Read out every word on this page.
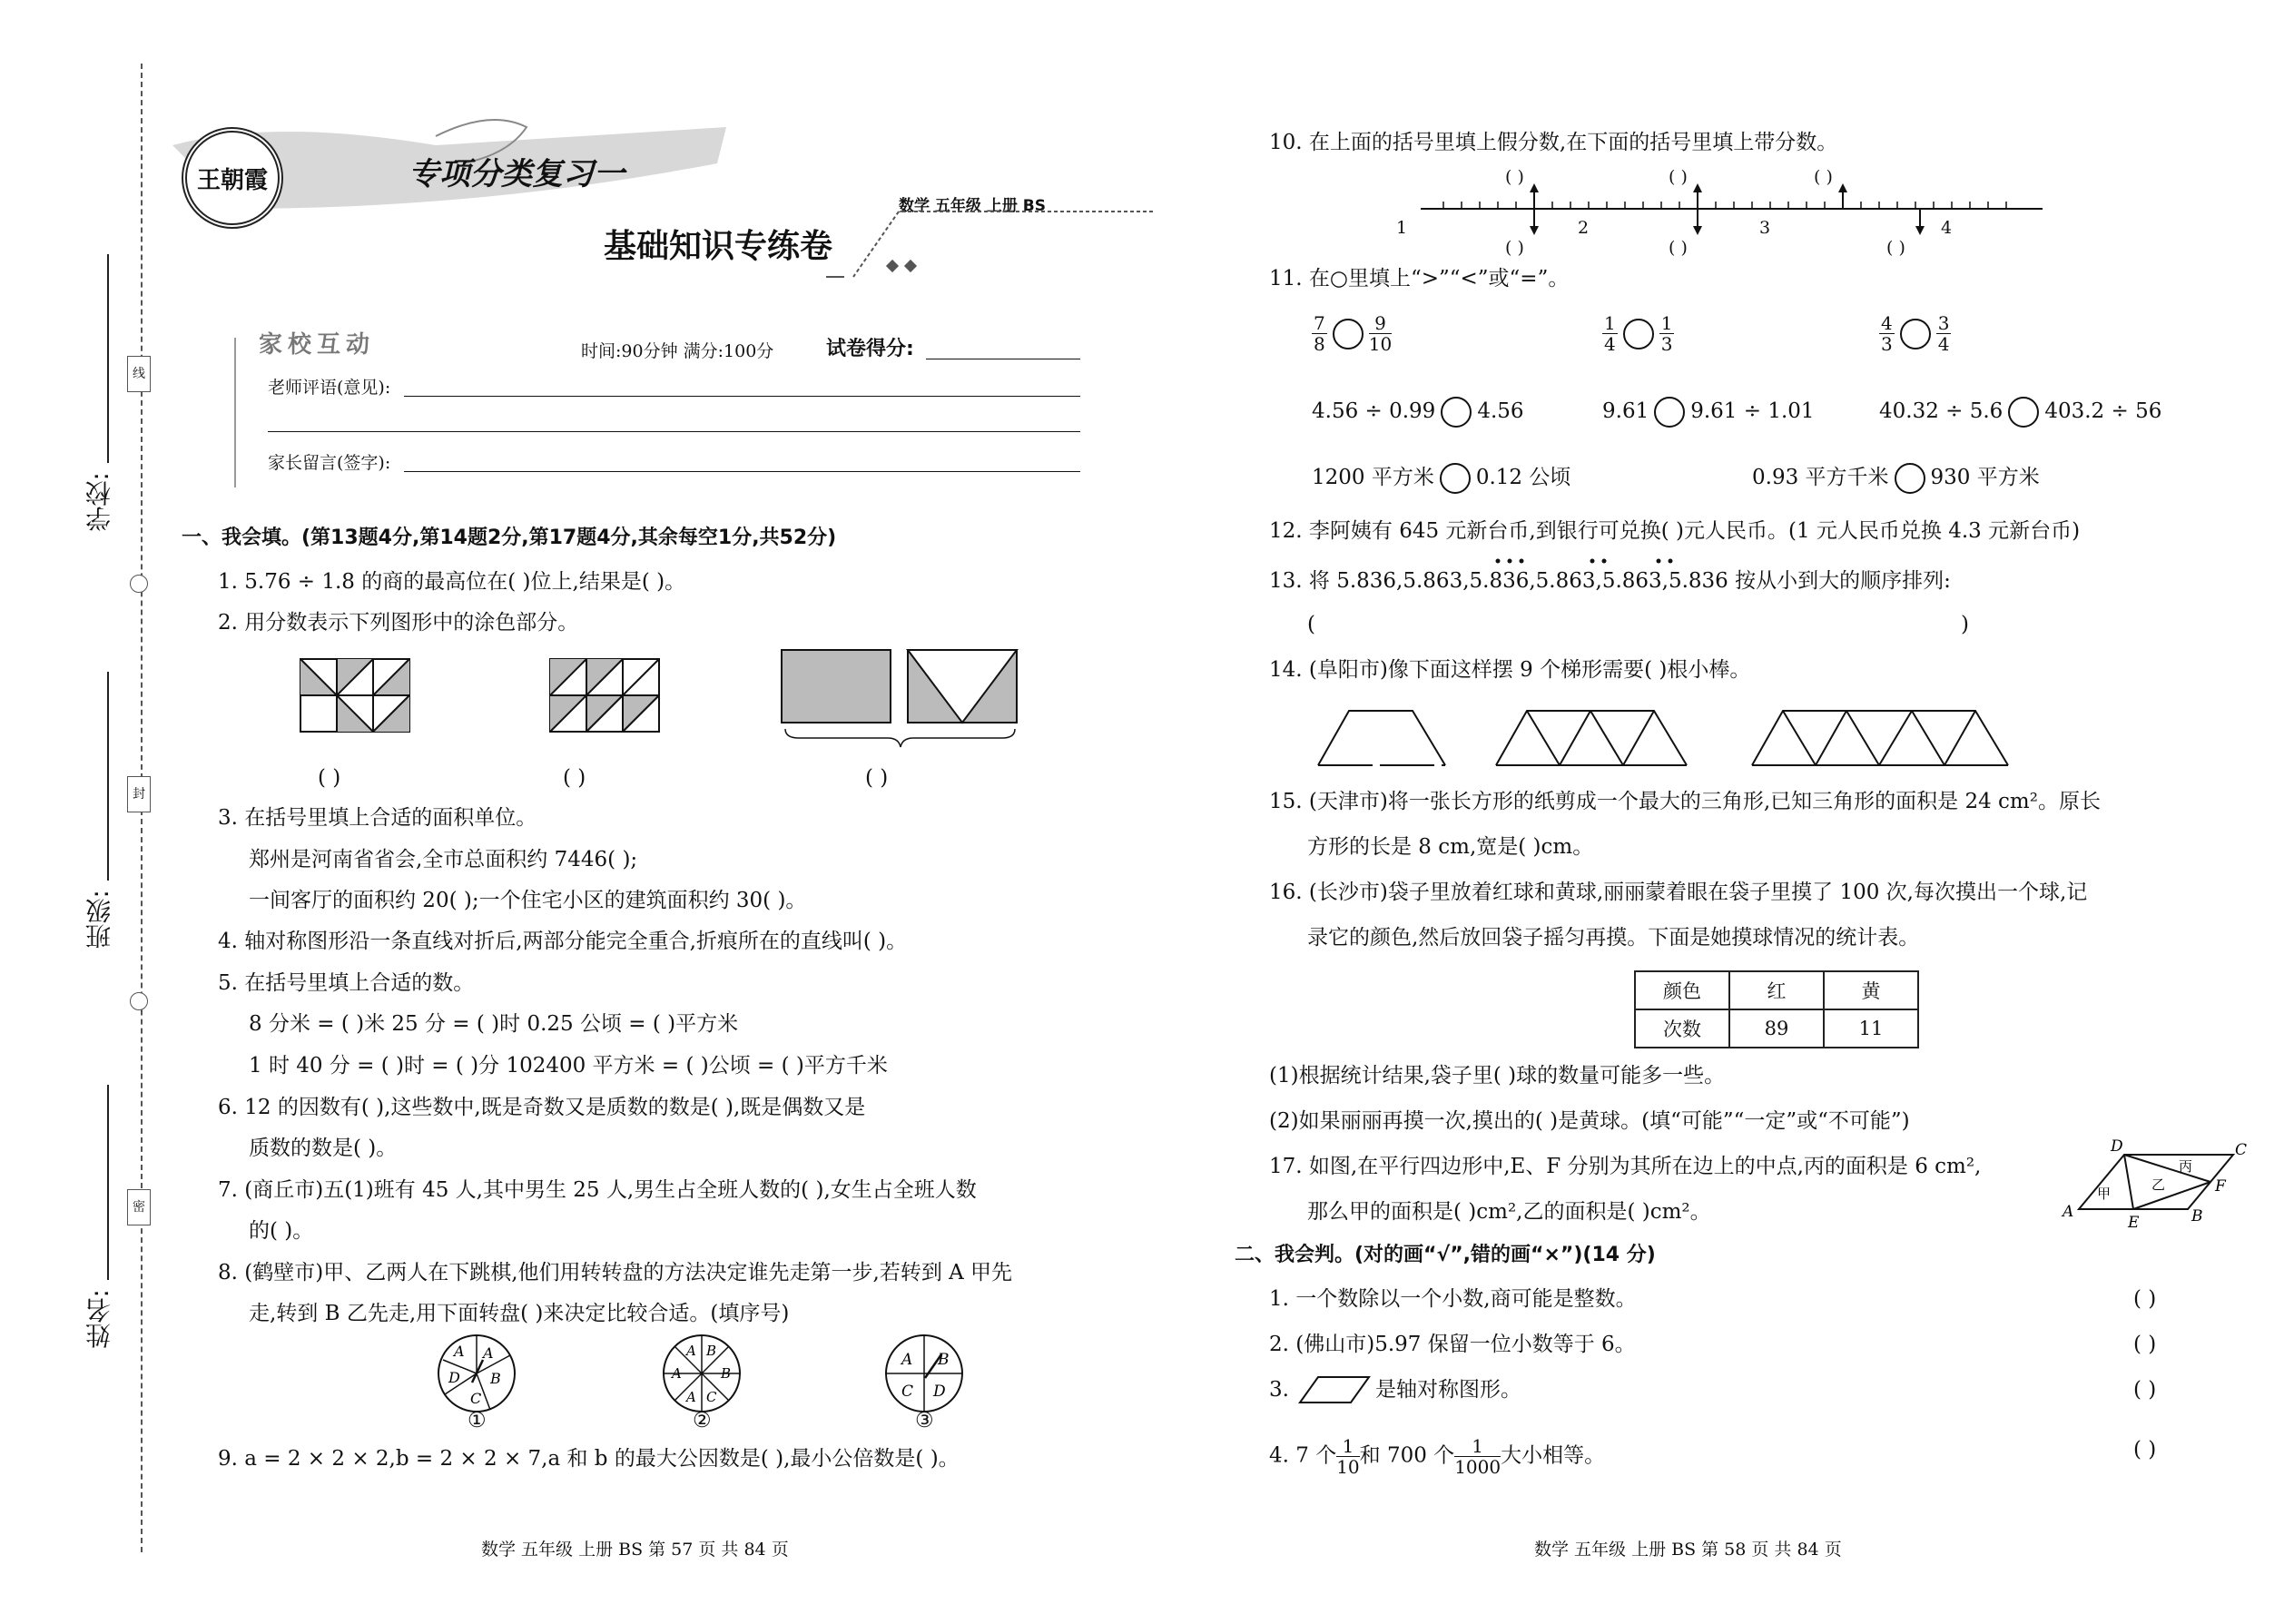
线
封
密
学校:
班级:
姓名:
王朝霞	专项分类复习一
数学 五年级 上册 BS
基础知识专练卷
家校互动	时间:90分钟 满分:100分	试卷得分:
老师评语(意见):
家长留言(签字):
一、我会填。(第13题4分,第14题2分,第17题4分,其余每空1分,共52分)
1. 5.76 ÷ 1.8 的商的最高位在( )位上,结果是( )。
2. 用分数表示下列图形中的涂色部分。
( )	( )	( )
3. 在括号里填上合适的面积单位。
郑州是河南省省会,全市总面积约 7446( );
一间客厅的面积约 20( );一个住宅小区的建筑面积约 30( )。
4. 轴对称图形沿一条直线对折后,两部分能完全重合,折痕所在的直线叫( )。
5. 在括号里填上合适的数。
8 分米 = ( )米 25 分 = ( )时 0.25 公顷 = ( )平方米
1 时 40 分 = ( )时 = ( )分 102400 平方米 = ( )公顷 = ( )平方千米
6. 12 的因数有( ),这些数中,既是奇数又是质数的数是( ),既是偶数又是
质数的数是( )。
7. (商丘市)五(1)班有 45 人,其中男生 25 人,男生占全班人数的( ),女生占全班人数
的( )。
8. (鹤壁市)甲、乙两人在下跳棋,他们用转转盘的方法决定谁先走第一步,若转到 A 甲先
走,转到 B 乙先走,用下面转盘( )来决定比较合适。(填序号)
A
B
C
D
A	A B
A	B
A C
A B
C D
①	②	③
9. a = 2 × 2 × 2,b = 2 × 2 × 7,a 和 b 的最大公因数是( ),最小公倍数是( )。
数学 五年级 上册 BS 第 57 页 共 84 页
10. 在上面的括号里填上假分数,在下面的括号里填上带分数。
1	2	3	4
( )	( )	( )
( )	( )	( )
11. 在○里填上“>”“<”或“=”。
$\frac{7}{8} \frac{9}{10}$	$\frac{1}{4} \frac{1}{3}$	$\frac{4}{3} \frac{3}{4}$
4.56 ÷ 0.99 4.56	9.61 9.61 ÷ 1.01	40.32 ÷ 5.6 403.2 ÷ 56
1200 平方米 0.12 公顷	0.93 平方千米 930 平方米
12. 李阿姨有 645 元新台币,到银行可兑换( )元人民币。(1 元人民币兑换 4.3 元新台币)
13. 将 5.836,5.863,5.836,5.863,5.863,5.836 按从小到大的顺序排列:
(	)
14. (阜阳市)像下面这样摆 9 个梯形需要( )根小棒。
15. (天津市)将一张长方形的纸剪成一个最大的三角形,已知三角形的面积是 24 cm²。原长
方形的长是 8 cm,宽是( )cm。
16. (长沙市)袋子里放着红球和黄球,丽丽蒙着眼在袋子里摸了 100 次,每次摸出一个球,记
录它的颜色,然后放回袋子摇匀再摸。下面是她摸球情况的统计表。
颜色	红	黄
次数	89	11
(1)根据统计结果,袋子里( )球的数量可能多一些。
(2)如果丽丽再摸一次,摸出的( )是黄球。(填“可能”“一定”或“不可能”)
17. 如图,在平行四边形中,E、F 分别为其所在边上的中点,丙的面积是 6 cm²,
那么甲的面积是( )cm²,乙的面积是( )cm²。
D	C
A	B
E
F
甲
乙
丙
二、我会判。(对的画“√”,错的画“×”)(14 分)
1. 一个数除以一个小数,商可能是整数。	( )
2. (佛山市)5.97 保留一位小数等于 6。	( )
3.	是轴对称图形。	( )
4. 7 个 $\frac{1}{10}$ 和 700 个 $\frac{1}{1000}$ 大小相等。	( )
数学 五年级 上册 BS 第 58 页 共 84 页
